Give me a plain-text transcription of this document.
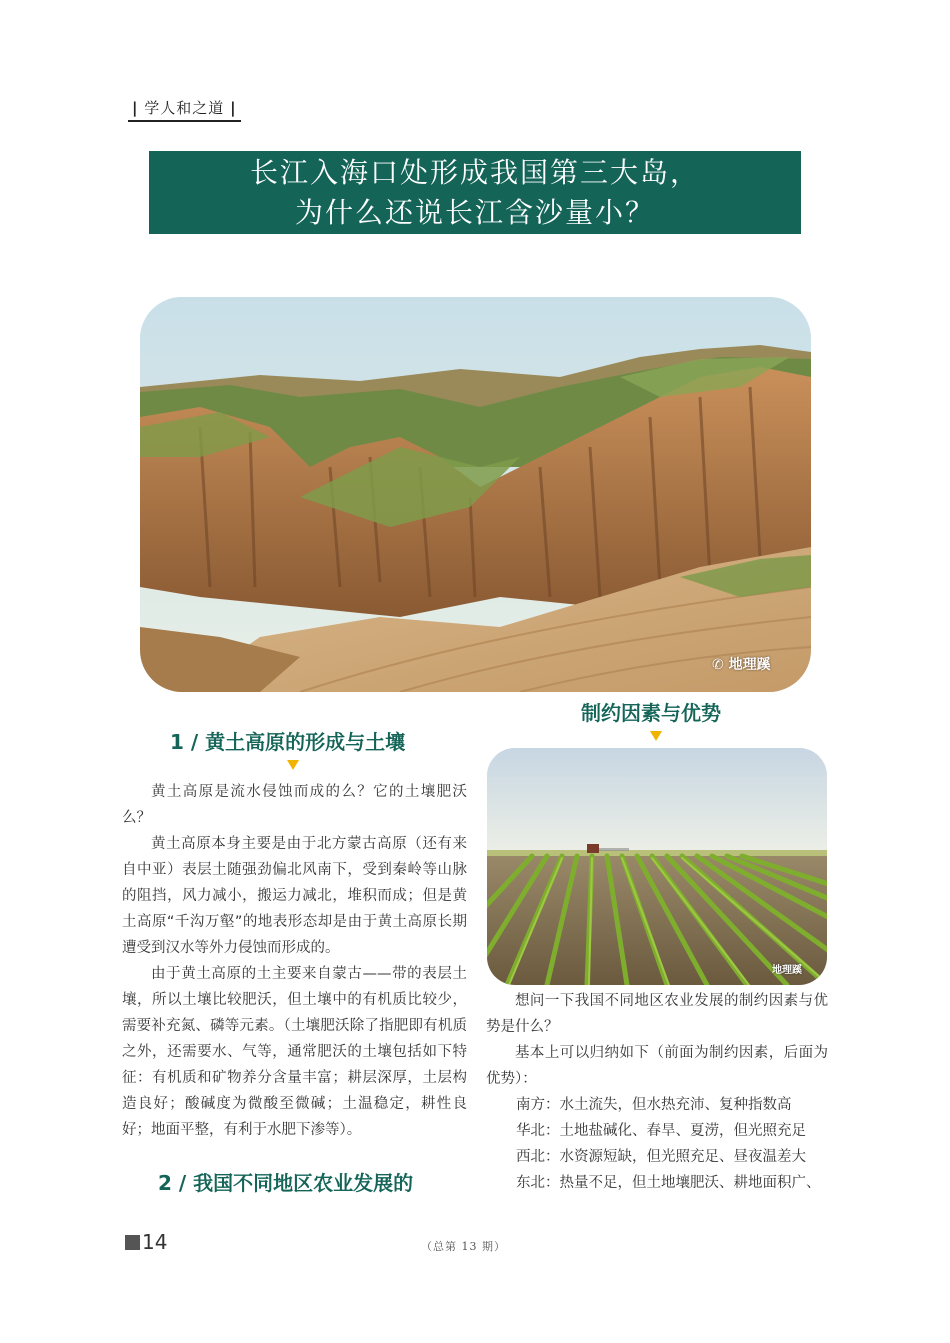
| 学人和之道 |
长江入海口处形成我国第三大岛，
为什么还说长江含沙量小？
✆ 地理蹊
1 / 黄土高原的形成与土壤
制约因素与优势
地理蹊

黄土高原是流水侵蚀而成的么？它的土壤肥沃么？

黄土高原本身主要是由于北方蒙古高原（还有来自中亚）表层土随强劲偏北风南下，受到秦岭等山脉的阻挡，风力减小，搬运力减北，堆积而成；但是黄土高原“千沟万壑”的地表形态却是由于黄土高原长期遭受到汉水等外力侵蚀而形成的。

由于黄土高原的土主要来自蒙古——带的表层土壤，所以土壤比较肥沃，但土壤中的有机质比较少，需要补充氮、磷等元素。（土壤肥沃除了指肥即有机质之外，还需要水、气等，通常肥沃的土壤包括如下特征：有机质和矿物养分含量丰富；耕层深厚，土层构造良好；酸碱度为微酸至微碱；土温稳定，耕性良好；地面平整，有利于水肥下渗等）。

2 / 我国不同地区农业发展的

想问一下我国不同地区农业发展的制约因素与优势是什么？

基本上可以归纳如下（前面为制约因素，后面为优势）：

南方：水土流失，但水热充沛、复种指数高
华北：土地盐碱化、春旱、夏涝，但光照充足
西北：水资源短缺，但光照充足、昼夜温差大
东北：热量不足，但土地壤肥沃、耕地面积广、
14	（总第 13 期）
